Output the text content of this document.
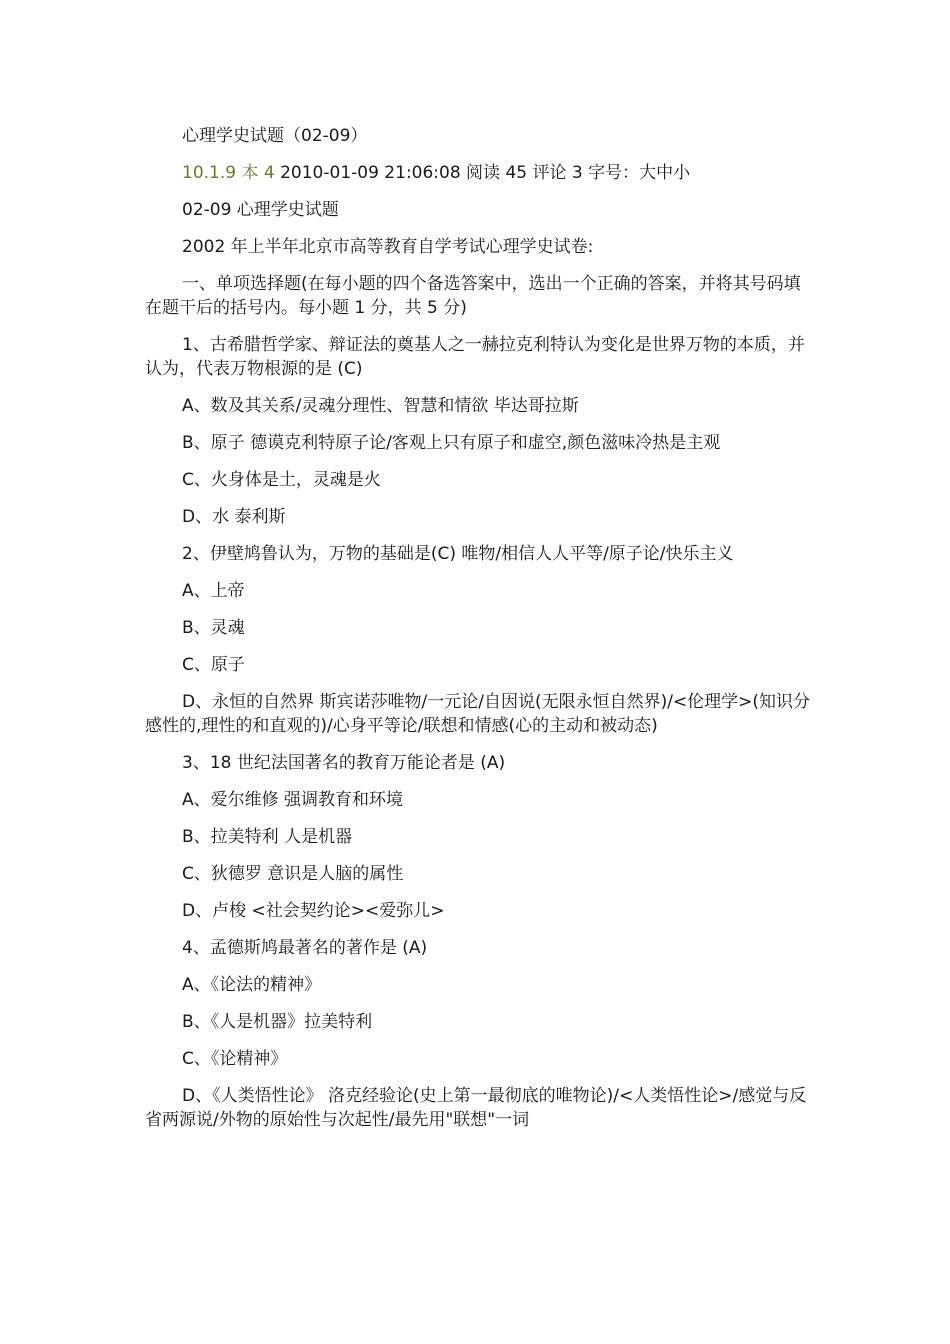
心理学史试题（02-09）
10.1.9 本 4 2010-01-09 21:06:08 阅读 45 评论 3 字号：大中小
02-09 心理学史试题
2002 年上半年北京市高等教育自学考试心理学史试卷:
一、单项选择题(在每小题的四个备选答案中，选出一个正确的答案，并将其号码填在题干后的括号内。每小题 1 分，共 5 分)
1、古希腊哲学家、辩证法的奠基人之一赫拉克利特认为变化是世界万物的本质，并认为，代表万物根源的是 (C)
A、数及其关系/灵魂分理性、智慧和情欲 毕达哥拉斯
B、原子 德谟克利特原子论/客观上只有原子和虚空,颜色滋味冷热是主观
C、火身体是土，灵魂是火
D、水 泰利斯
2、伊壁鸠鲁认为，万物的基础是(C) 唯物/相信人人平等/原子论/快乐主义
A、上帝
B、灵魂
C、原子
D、永恒的自然界 斯宾诺莎唯物/一元论/自因说(无限永恒自然界)/<伦理学>(知识分感性的,理性的和直观的)/心身平等论/联想和情感(心的主动和被动态)
3、18 世纪法国著名的教育万能论者是 (A)
A、爱尔维修 强调教育和环境
B、拉美特利 人是机器
C、狄德罗 意识是人脑的属性
D、卢梭 <社会契约论><爱弥儿>
4、孟德斯鸠最著名的著作是 (A)
A、《论法的精神》
B、《人是机器》拉美特利
C、《论精神》
D、《人类悟性论》 洛克经验论(史上第一最彻底的唯物论)/<人类悟性论>/感觉与反省两源说/外物的原始性与次起性/最先用"联想"一词
